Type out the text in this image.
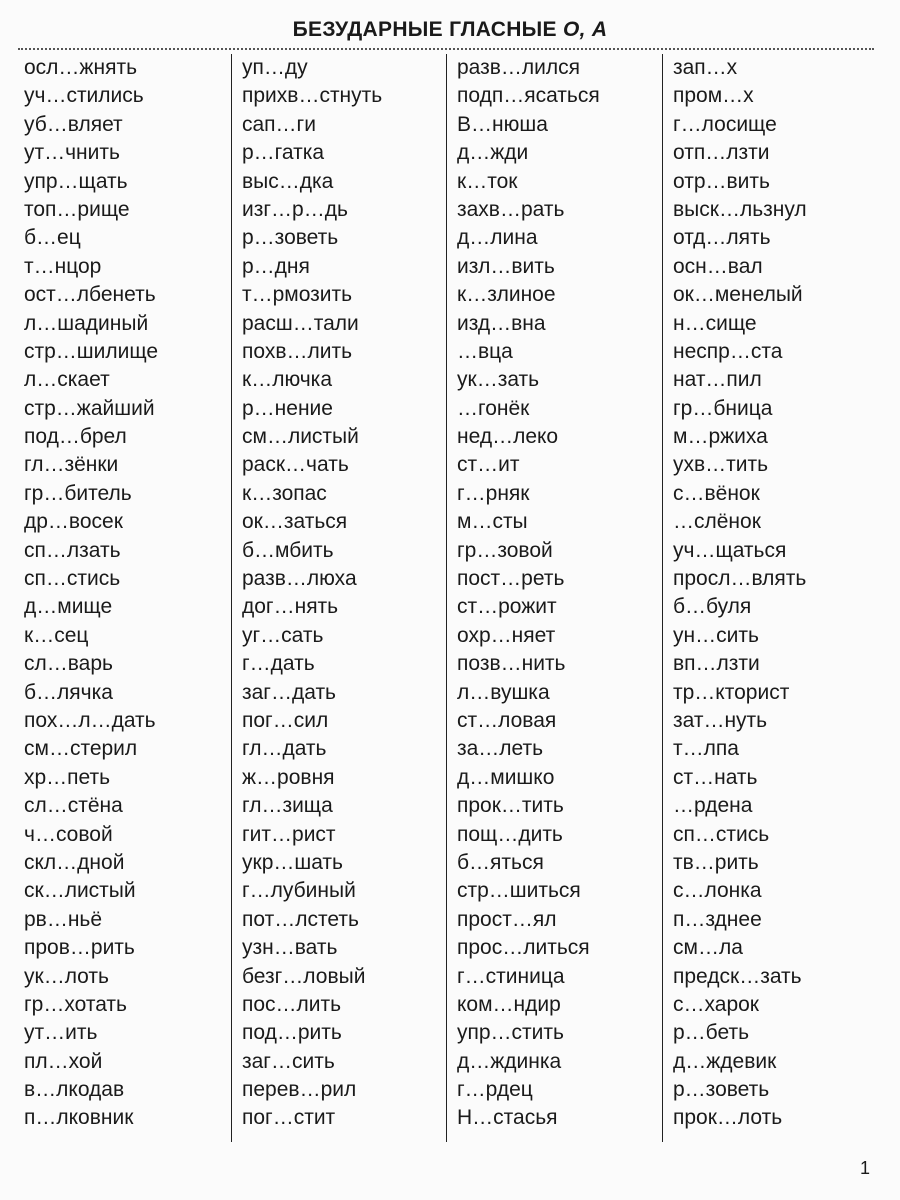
БЕЗУДАРНЫЕ ГЛАСНЫЕ О, А
осл…жнять
уч…стились
уб…вляет
ут…чнить
упр…щать
топ…рище
б…ец
т…нцор
ост…лбенеть
л…шадиный
стр…шилище
л…скает
стр…жайший
под…брел
гл…зёнки
гр…битель
др…восек
сп…лзать
сп…стись
д…мище
к…сец
сл…варь
б…лячка
пох…л…дать
см…стерил
хр…петь
сл…стёна
ч…совой
скл…дной
ск…листый
рв…ньё
пров…рить
ук…лоть
гр…хотать
ут…ить
пл…хой
в…лкодав
п…лковник
уп…ду
прихв…стнуть
сап…ги
р…гатка
выс…дка
изг…р…дь
р…зоветь
р…дня
т…рмозить
расш…тали
похв…лить
к…лючка
р…нение
см…листый
раск…чать
к…зопас
ок…заться
б…мбить
разв…люха
дог…нять
уг…сать
г…дать
заг…дать
пог…сил
гл…дать
ж…ровня
гл…зища
гит…рист
укр…шать
г…лубиный
пот…лстеть
узн…вать
безг…ловый
пос…лить
под…рить
заг…сить
перев…рил
пог…стит
разв…лился
подп…ясаться
В…нюша
д…жди
к…ток
захв…рать
д…лина
изл…вить
к…злиное
изд…вна
…вца
ук…зать
…гонёк
нед…леко
ст…ит
г…рняк
м…сты
гр…зовой
пост…реть
ст…рожит
охр…няет
позв…нить
л…вушка
ст…ловая
за…леть
д…мишко
прок…тить
пощ…дить
б…яться
стр…шиться
прост…ял
прос…литься
г…стиница
ком…ндир
упр…стить
д…ждинка
г…рдец
Н…стасья
зап…х
пром…х
г…лосище
отп…лзти
отр…вить
выск…льзнул
отд…лять
осн…вал
ок…менелый
н…сище
неспр…ста
нат…пил
гр…бница
м…ржиха
ухв…тить
с…вёнок
…слёнок
уч…щаться
просл…влять
б…буля
ун…сить
вп…лзти
тр…кторист
зат…нуть
т…лпа
ст…нать
…рдена
сп…стись
тв…рить
с…лонка
п…зднее
см…ла
предск…зать
с…харок
р…беть
д…ждевик
р…зоветь
прок…лоть
1
